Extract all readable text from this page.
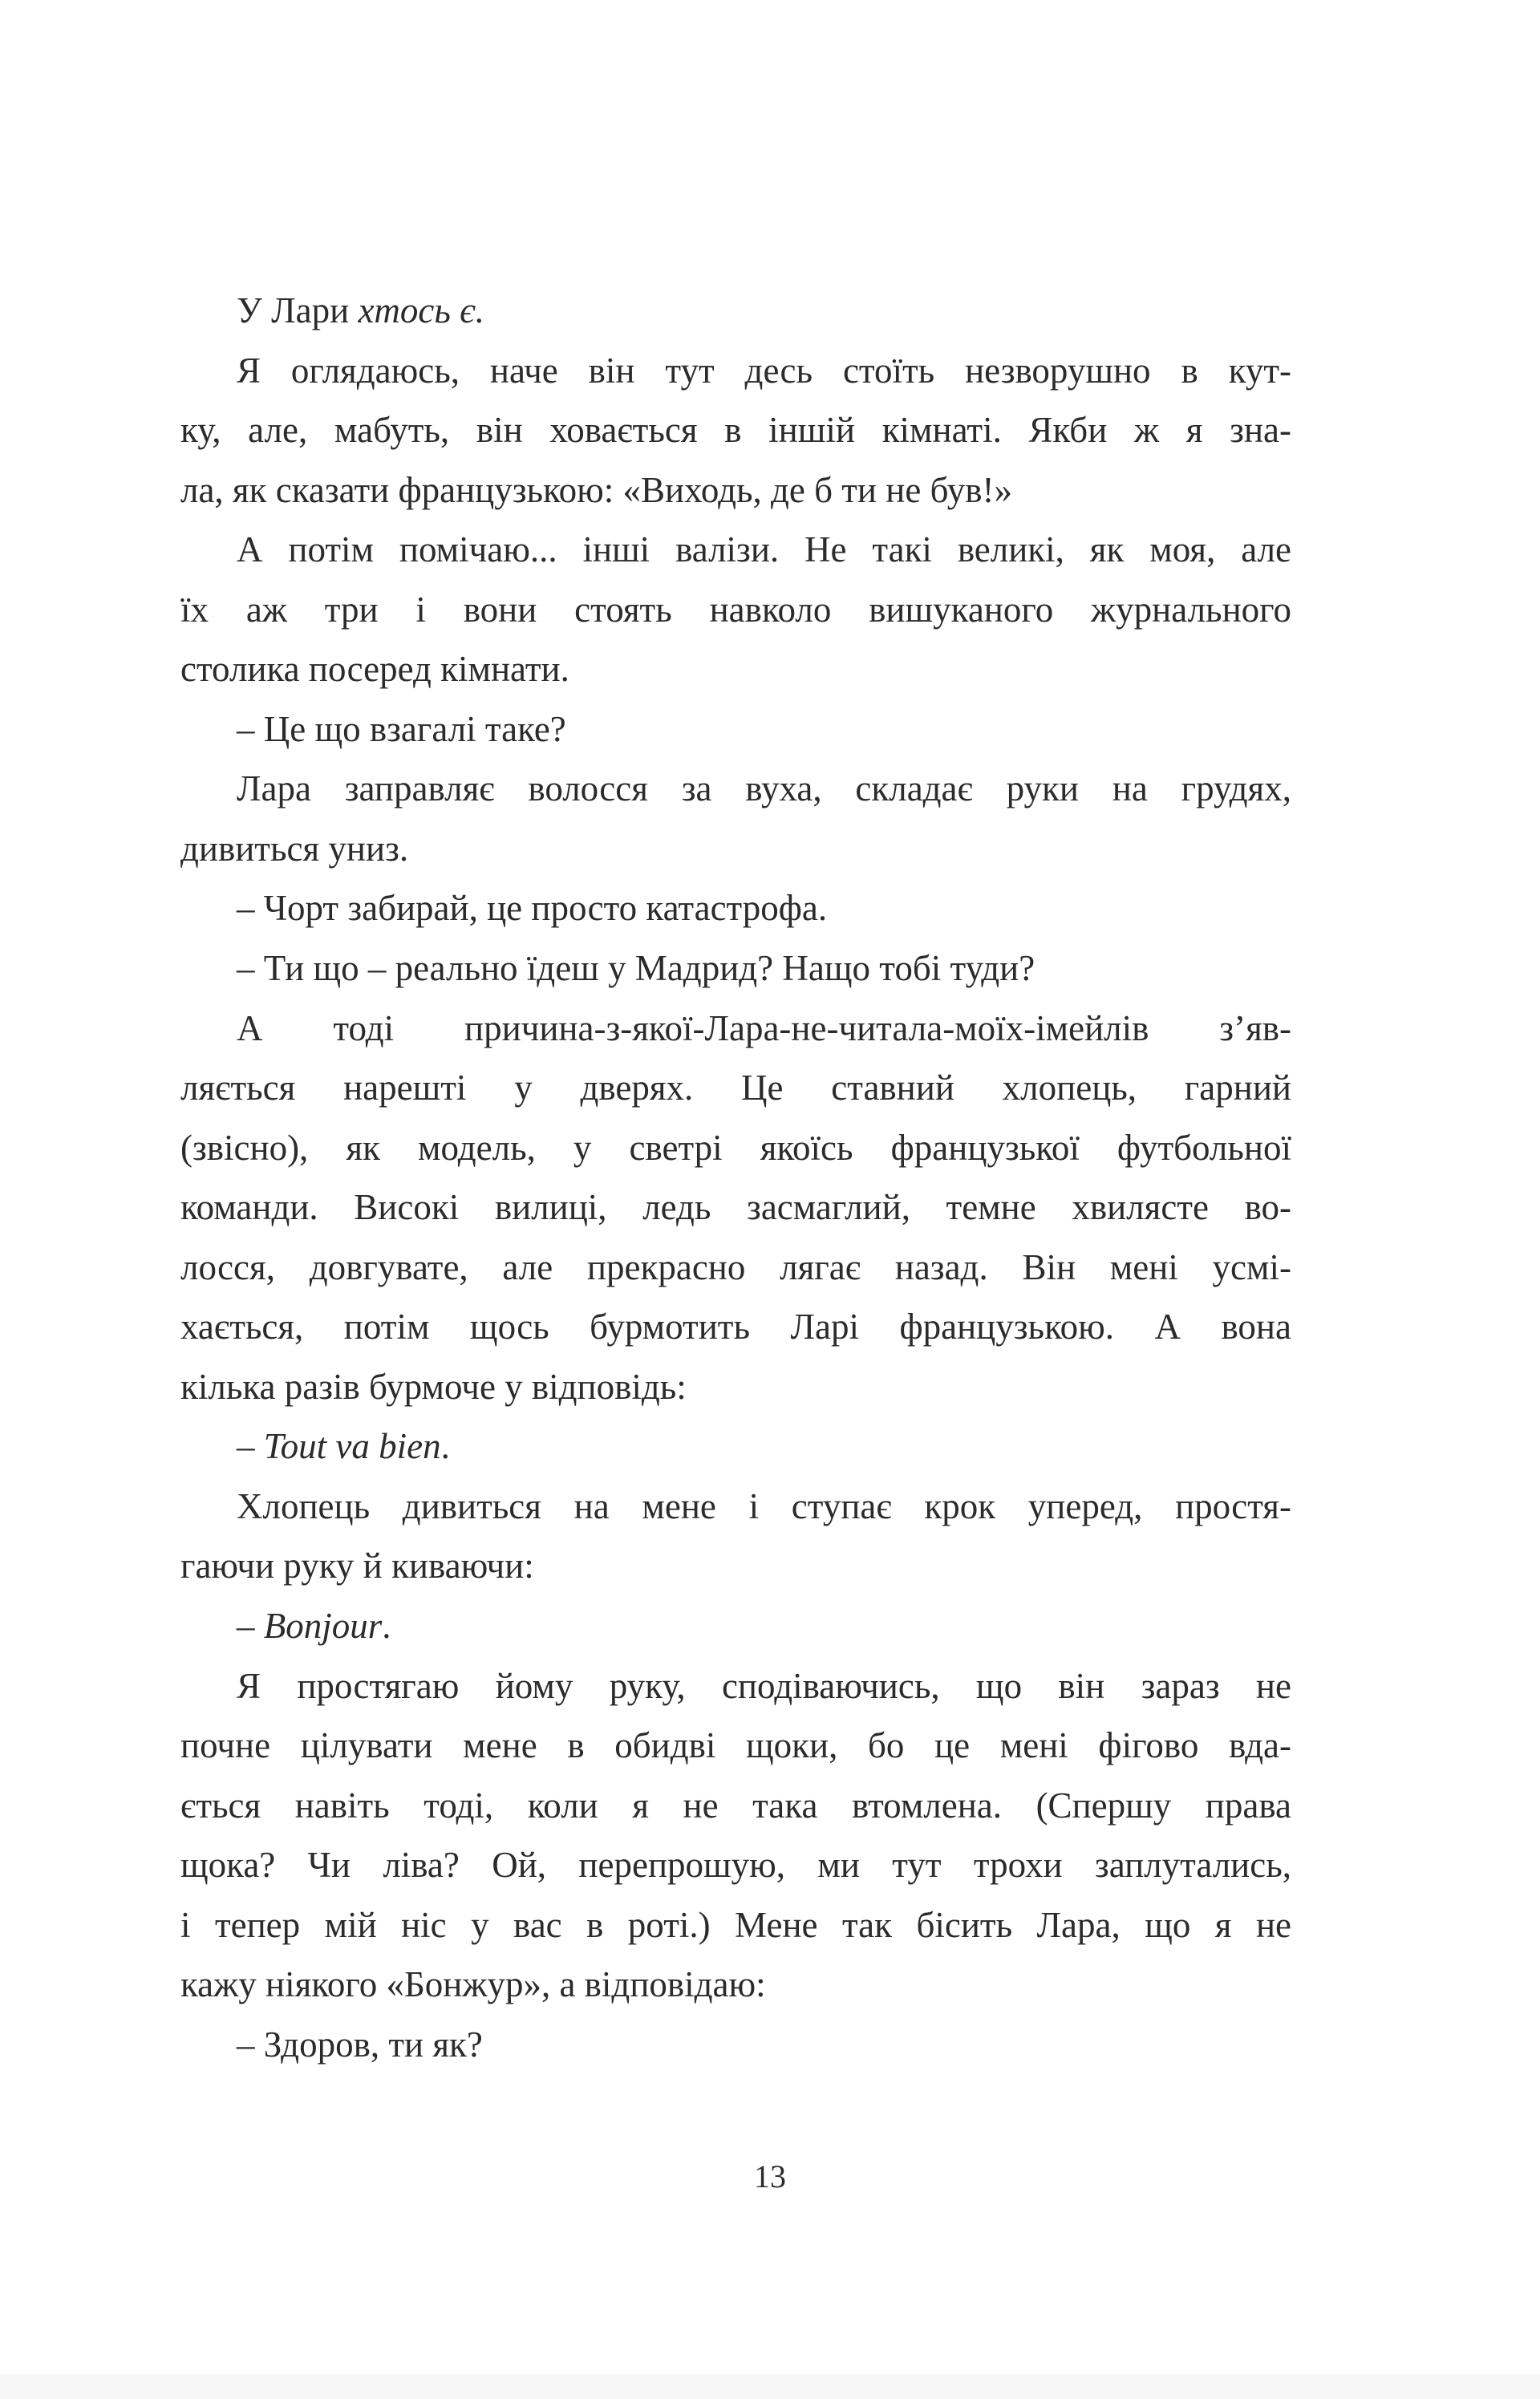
У Лари хтось є.
Я оглядаюсь, наче він тут десь стоїть незворушно в кут-
ку, але, мабуть, він ховається в іншій кімнаті. Якби ж я зна-
ла, як сказати французькою: «Виходь, де б ти не був!»
А потім помічаю... інші валізи. Не такі великі, як моя, але
їх аж три і вони стоять навколо вишуканого журнального
столика посеред кімнати.
– Це що взагалі таке?
Лара заправляє волосся за вуха, складає руки на грудях,
дивиться униз.
– Чорт забирай, це просто катастрофа.
– Ти що – реально їдеш у Мадрид? Нащо тобі туди?
А тоді причина-з-якої-Лара-не-читала-моїх-імейлів з’яв-
ляється нарешті у дверях. Це ставний хлопець, гарний
(звісно), як модель, у светрі якоїсь французької футбольної
команди. Високі вилиці, ледь засмаглий, темне хвилясте во-
лосся, довгувате, але прекрасно лягає назад. Він мені усмі-
хається, потім щось бурмотить Ларі французькою. А вона
кілька разів бурмоче у відповідь:
– Tout va bien.
Хлопець дивиться на мене і ступає крок уперед, простя-
гаючи руку й киваючи:
– Bonjour.
Я простягаю йому руку, сподіваючись, що він зараз не
почне цілувати мене в обидві щоки, бо це мені фігово вда-
ється навіть тоді, коли я не така втомлена. (Спершу права
щока? Чи ліва? Ой, перепрошую, ми тут трохи заплутались,
і тепер мій ніс у вас в роті.) Мене так бісить Лара, що я не
кажу ніякого «Бонжур», а відповідаю:
– Здоров, ти як?
13
